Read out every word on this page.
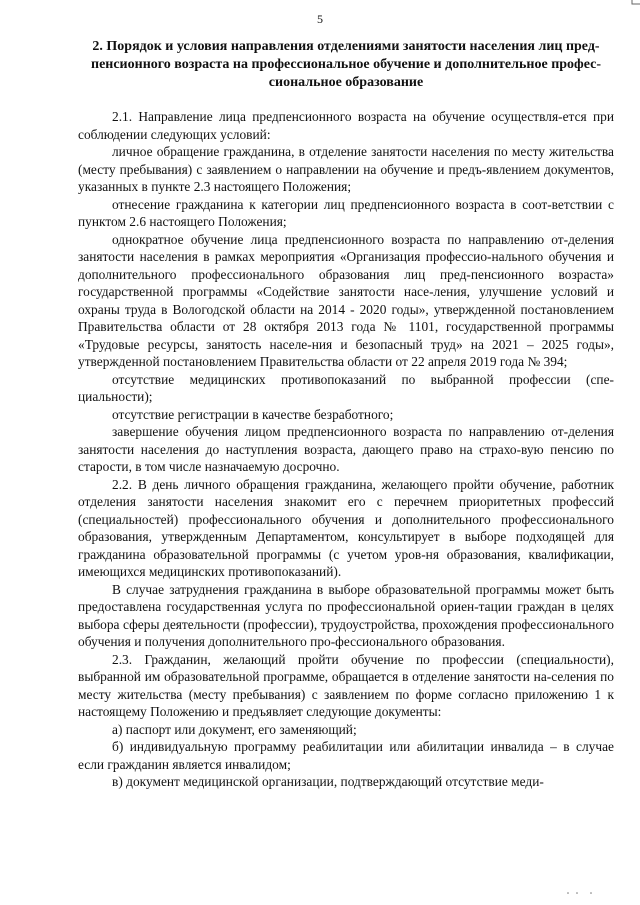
5
2. Порядок и условия направления отделениями занятости населения лиц пред-пенсионного возраста на профессиональное обучение и дополнительное профес-сиональное образование

2.1. Направление лица предпенсионного возраста на обучение осуществля-ется при соблюдении следующих условий:

личное обращение гражданина, в отделение занятости населения по месту жительства (месту пребывания) с заявлением о направлении на обучение и предъ-явлением документов, указанных в пункте 2.3 настоящего Положения;

отнесение гражданина к категории лиц предпенсионного возраста в соот-ветствии с пунктом 2.6 настоящего Положения;

однократное обучение лица предпенсионного возраста по направлению от-деления занятости населения в рамках мероприятия «Организация профессио-нального обучения и дополнительного профессионального образования лиц пред-пенсионного возраста» государственной программы «Содействие занятости насе-ления, улучшение условий и охраны труда в Вологодской области на 2014 - 2020 годы», утвержденной постановлением Правительства области от 28 октября 2013 года № 1101, государственной программы «Трудовые ресурсы, занятость населе-ния и безопасный труд» на 2021 – 2025 годы», утвержденной постановлением Правительства области от 22 апреля 2019 года № 394;

отсутствие медицинских противопоказаний по выбранной профессии (спе-циальности);

отсутствие регистрации в качестве безработного;

завершение обучения лицом предпенсионного возраста по направлению от-деления занятости населения до наступления возраста, дающего право на страхо-вую пенсию по старости, в том числе назначаемую досрочно.

2.2. В день личного обращения гражданина, желающего пройти обучение, работник отделения занятости населения знакомит его с перечнем приоритетных профессий (специальностей) профессионального обучения и дополнительного профессионального образования, утвержденным Департаментом, консультирует в выборе подходящей для гражданина образовательной программы (с учетом уров-ня образования, квалификации, имеющихся медицинских противопоказаний).

В случае затруднения гражданина в выборе образовательной программы может быть предоставлена государственная услуга по профессиональной ориен-тации граждан в целях выбора сферы деятельности (профессии), трудоустройства, прохождения профессионального обучения и получения дополнительного про-фессионального образования.

2.3. Гражданин, желающий пройти обучение по профессии (специальности), выбранной им образовательной программе, обращается в отделение занятости на-селения по месту жительства (месту пребывания) с заявлением по форме согласно приложению 1 к настоящему Положению и предъявляет следующие документы:

а) паспорт или документ, его заменяющий;

б) индивидуальную программу реабилитации или абилитации инвалида – в случае если гражданин является инвалидом;

в) документ медицинской организации, подтверждающий отсутствие меди-
